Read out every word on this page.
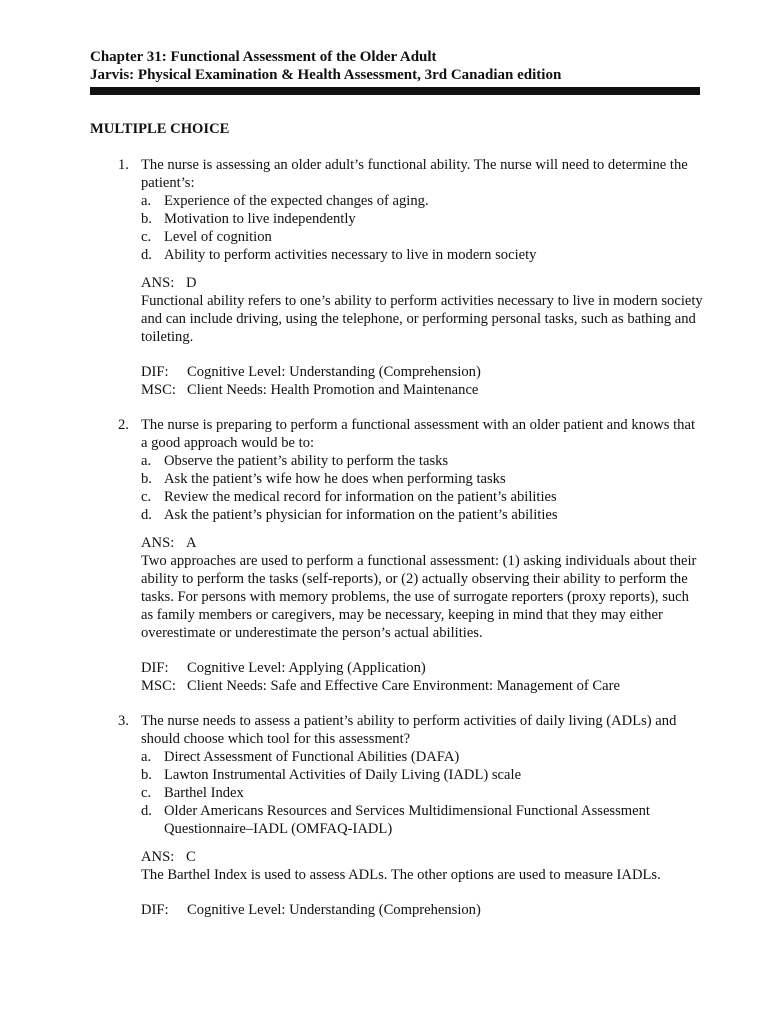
Chapter 31: Functional Assessment of the Older Adult
Jarvis: Physical Examination & Health Assessment, 3rd Canadian edition
MULTIPLE CHOICE
1. The nurse is assessing an older adult’s functional ability. The nurse will need to determine the patient’s:
a. Experience of the expected changes of aging.
b. Motivation to live independently
c. Level of cognition
d. Ability to perform activities necessary to live in modern society
ANS: D
Functional ability refers to one’s ability to perform activities necessary to live in modern society and can include driving, using the telephone, or performing personal tasks, such as bathing and toileting.
DIF: Cognitive Level: Understanding (Comprehension)
MSC: Client Needs: Health Promotion and Maintenance
2. The nurse is preparing to perform a functional assessment with an older patient and knows that a good approach would be to:
a. Observe the patient’s ability to perform the tasks
b. Ask the patient’s wife how he does when performing tasks
c. Review the medical record for information on the patient’s abilities
d. Ask the patient’s physician for information on the patient’s abilities
ANS: A
Two approaches are used to perform a functional assessment: (1) asking individuals about their ability to perform the tasks (self-reports), or (2) actually observing their ability to perform the tasks. For persons with memory problems, the use of surrogate reporters (proxy reports), such as family members or caregivers, may be necessary, keeping in mind that they may either overestimate or underestimate the person’s actual abilities.
DIF: Cognitive Level: Applying (Application)
MSC: Client Needs: Safe and Effective Care Environment: Management of Care
3. The nurse needs to assess a patient’s ability to perform activities of daily living (ADLs) and should choose which tool for this assessment?
a. Direct Assessment of Functional Abilities (DAFA)
b. Lawton Instrumental Activities of Daily Living (IADL) scale
c. Barthel Index
d. Older Americans Resources and Services Multidimensional Functional Assessment Questionnaire–IADL (OMFAQ-IADL)
ANS: C
The Barthel Index is used to assess ADLs. The other options are used to measure IADLs.
DIF: Cognitive Level: Understanding (Comprehension)
